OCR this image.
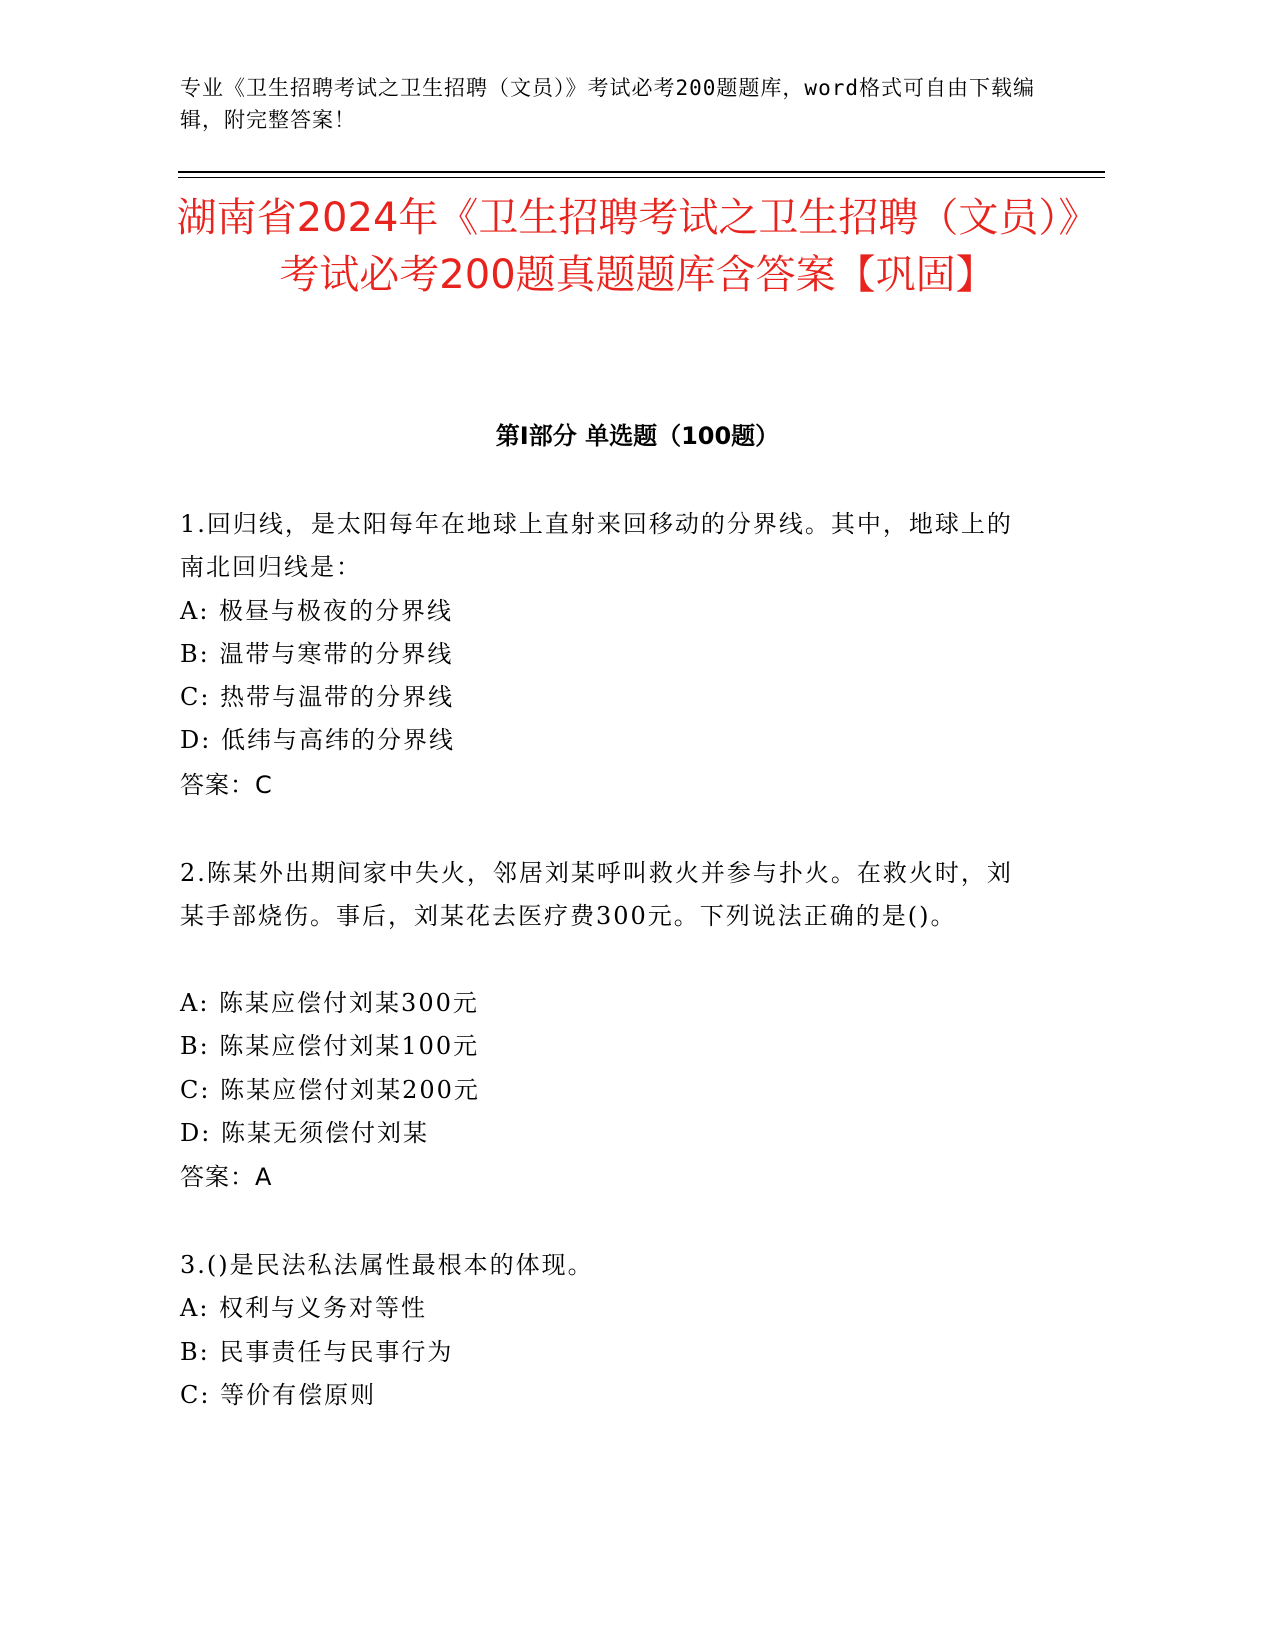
专业《卫生招聘考试之卫生招聘（文员）》考试必考200题题库，word格式可自由下载编辑，附完整答案！
湖南省2024年《卫生招聘考试之卫生招聘（文员）》考试必考200题真题题库含答案【巩固】
第I部分 单选题（100题）

1.回归线，是太阳每年在地球上直射来回移动的分界线。其中，地球上的南北回归线是：

A: 极昼与极夜的分界线
B: 温带与寒带的分界线
C: 热带与温带的分界线
D: 低纬与高纬的分界线
答案：C

2.陈某外出期间家中失火，邻居刘某呼叫救火并参与扑火。在救火时，刘某手部烧伤。事后，刘某花去医疗费300元。下列说法正确的是()。

A: 陈某应偿付刘某300元
B: 陈某应偿付刘某100元
C: 陈某应偿付刘某200元
D: 陈某无须偿付刘某
答案：A

3.()是民法私法属性最根本的体现。

A: 权利与义务对等性
B: 民事责任与民事行为
C: 等价有偿原则
